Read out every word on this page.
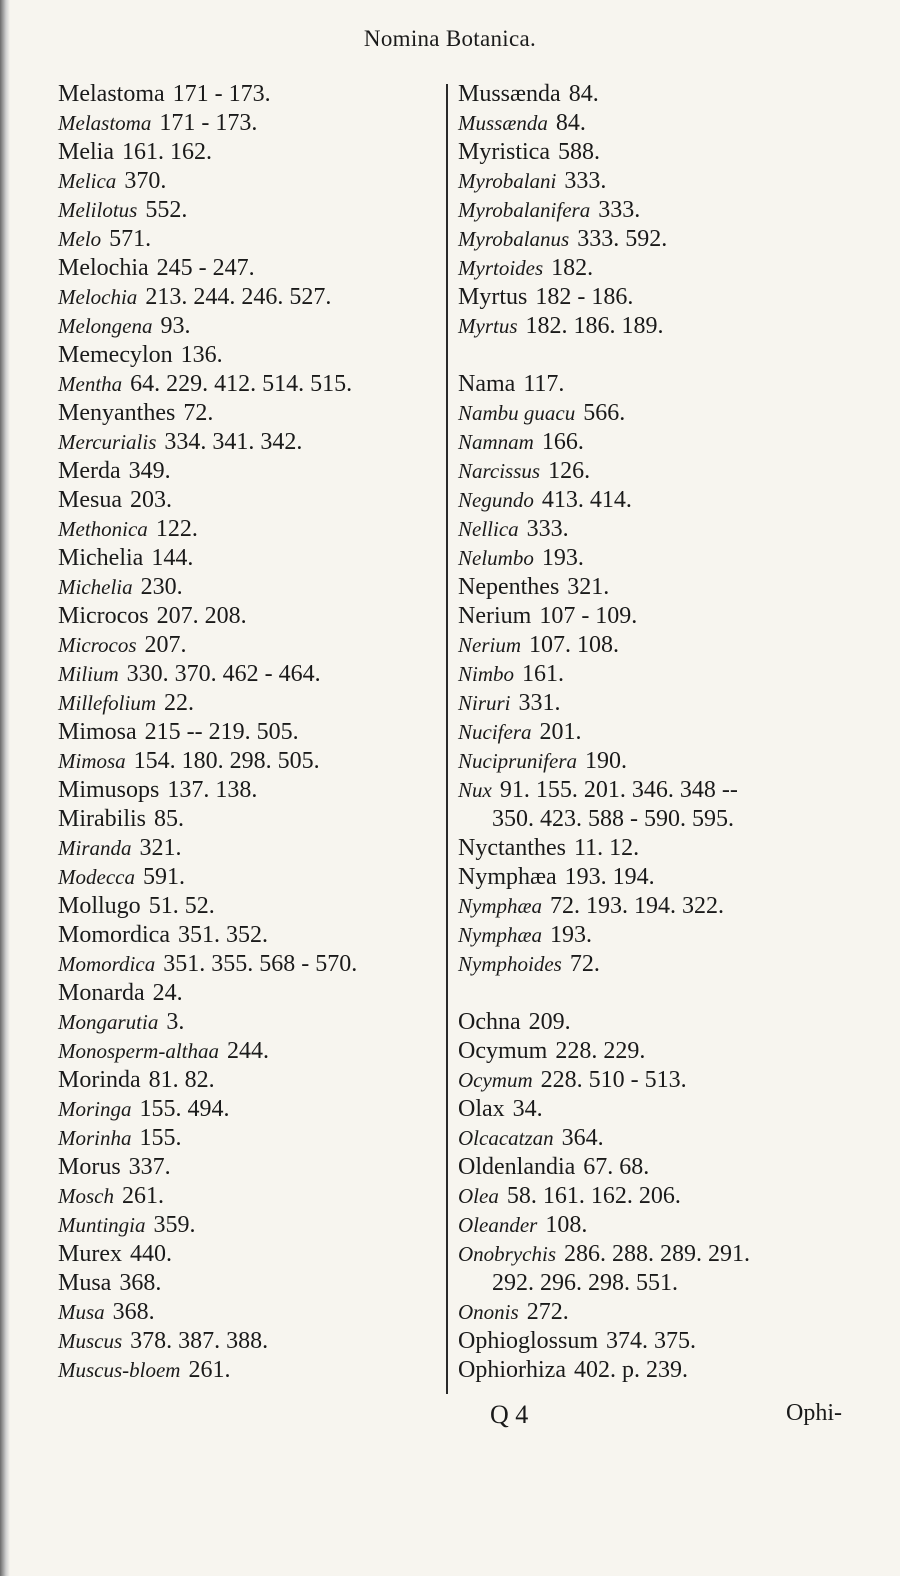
Nomina Botanica.
Melastoma 171 - 173.
Melastoma 171 - 173.
Melia 161. 162.
Melica 370.
Melilotus 552.
Melo 571.
Melochia 245 - 247.
Melochia 213. 244. 246. 527.
Melongena 93.
Memecylon 136.
Mentha 64. 229. 412. 514. 515.
Menyanthes 72.
Mercurialis 334. 341. 342.
Merda 349.
Mesua 203.
Methonica 122.
Michelia 144.
Michelia 230.
Microcos 207. 208.
Microcos 207.
Milium 330. 370. 462 - 464.
Millefolium 22.
Mimosa 215 -- 219. 505.
Mimosa 154. 180. 298. 505.
Mimusops 137. 138.
Mirabilis 85.
Miranda 321.
Modecca 591.
Mollugo 51. 52.
Momordica 351. 352.
Momordica 351. 355. 568 - 570.
Monarda 24.
Mongarutia 3.
Monosperm-althaa 244.
Morinda 81. 82.
Moringa 155. 494.
Morinha 155.
Morus 337.
Mosch 261.
Muntingia 359.
Murex 440.
Musa 368.
Musa 368.
Muscus 378. 387. 388.
Muscus-bloem 261.
Mussænda 84.
Mussænda 84.
Myristica 588.
Myrobalani 333.
Myrobalanifera 333.
Myrobalanus 333. 592.
Myrtoides 182.
Myrtus 182 - 186.
Myrtus 182. 186. 189.
Nama 117.
Nambu guacu 566.
Namnam 166.
Narcissus 126.
Negundo 413. 414.
Nellica 333.
Nelumbo 193.
Nepenthes 321.
Nerium 107 - 109.
Nerium 107. 108.
Nimbo 161.
Niruri 331.
Nucifera 201.
Nuciprunifera 190.
Nux 91. 155. 201. 346. 348 --
350. 423. 588 - 590. 595.
Nyctanthes 11. 12.
Nymphæa 193. 194.
Nymphæa 72. 193. 194. 322.
Nymphæa 193.
Nymphoides 72.
Ochna 209.
Ocymum 228. 229.
Ocymum 228. 510 - 513.
Olax 34.
Olcacatzan 364.
Oldenlandia 67. 68.
Olea 58. 161. 162. 206.
Oleander 108.
Onobrychis 286. 288. 289. 291.
292. 296. 298. 551.
Ononis 272.
Ophioglossum 374. 375.
Ophiorhiza 402. p. 239.
Q 4	Ophi-
